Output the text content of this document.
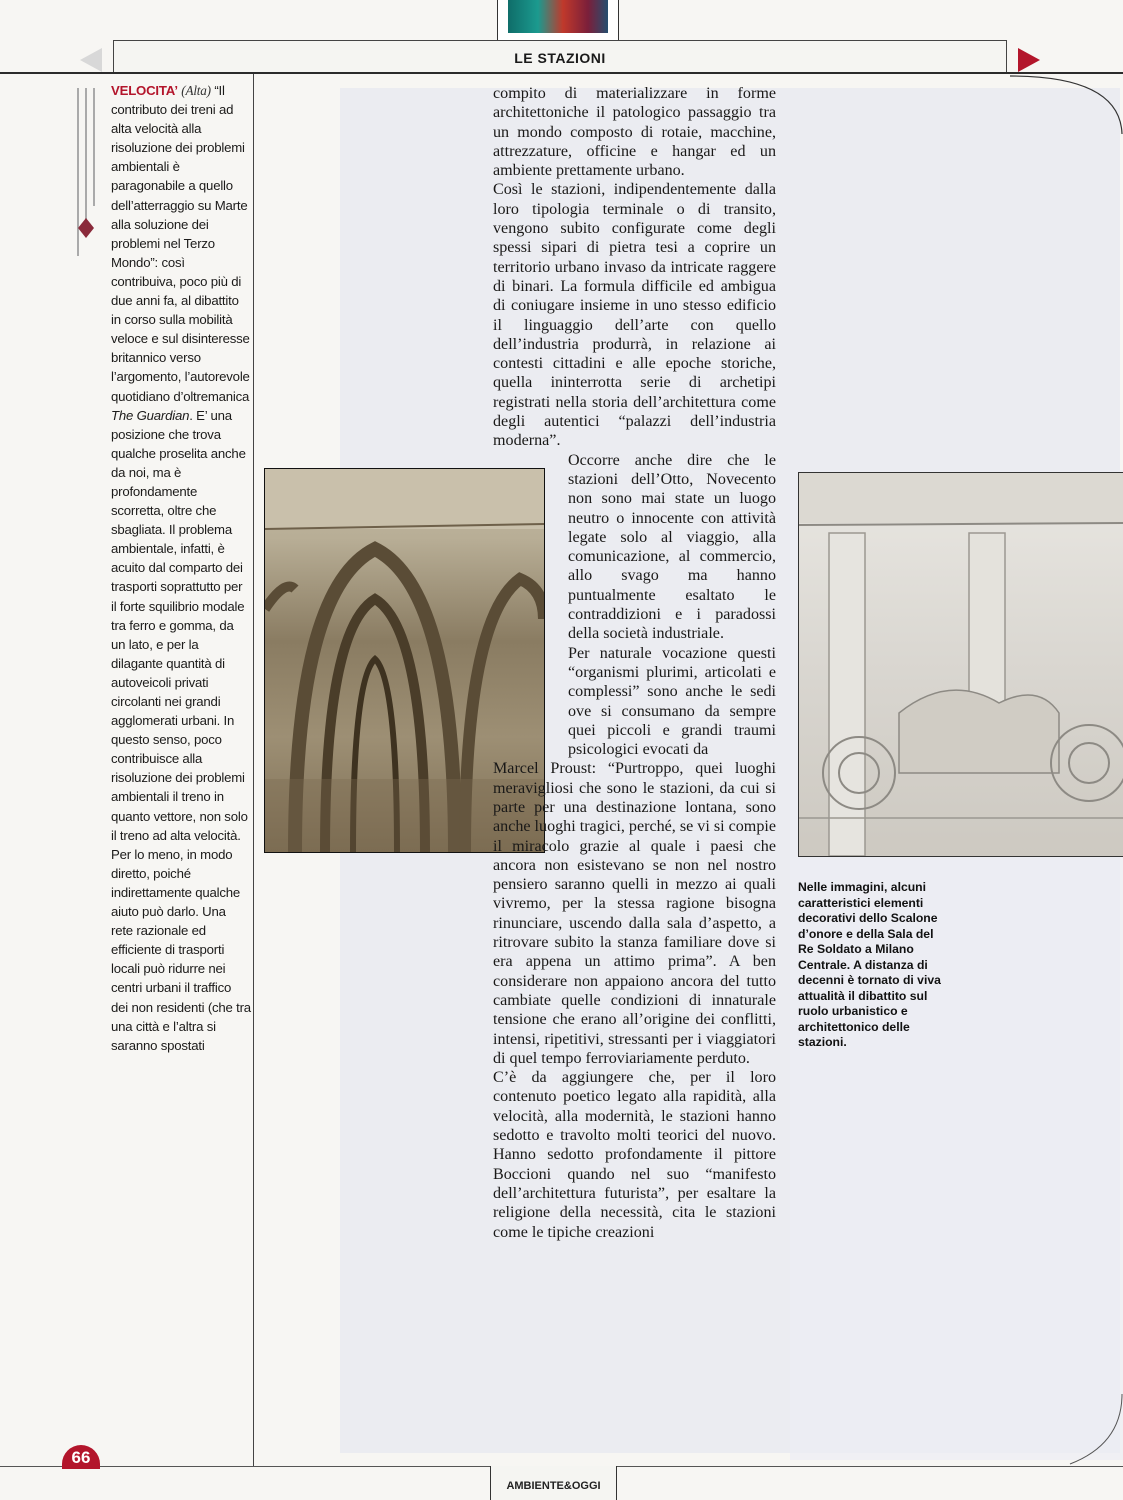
LE STAZIONI
VELOCITA’ (Alta) “Il contributo dei treni ad alta velocità alla risoluzione dei problemi ambientali è paragonabile a quello dell’atterraggio su Marte alla soluzione dei problemi nel Terzo Mondo”: così contribuiva, poco più di due anni fa, al dibattito in corso sulla mobilità veloce e sul disinteresse britannico verso l’argomento, l’autorevole quotidiano d’oltremanica The Guardian. E’ una posizione che trova qualche proselita anche da noi, ma è profondamente scorretta, oltre che sbagliata. Il problema ambientale, infatti, è acuito dal comparto dei trasporti soprattutto per il forte squilibrio modale tra ferro e gomma, da un lato, e per la dilagante quantità di autoveicoli privati circolanti nei grandi agglomerati urbani. In questo senso, poco contribuisce alla risoluzione dei problemi ambientali il treno in quanto vettore, non solo il treno ad alta velocità. Per lo meno, in modo diretto, poiché indirettamente qualche aiuto può darlo. Una rete razionale ed efficiente di trasporti locali può ridurre nei centri urbani il traffico dei non residenti (che tra una città e l’altra si saranno spostati

compito di materializzare in forme architettoniche il patologico passaggio tra un mondo composto di rotaie, macchine, attrezzature, officine e hangar ed un ambiente prettamente urbano.

Così le stazioni, indipendentemente dalla loro tipologia terminale o di transito, vengono subito configurate come degli spessi sipari di pietra tesi a coprire un territorio urbano invaso da intricate raggere di binari. La formula difficile ed ambigua di coniugare insieme in uno stesso edificio il linguaggio dell’arte con quello dell’industria produrrà, in relazione ai contesti cittadini e alle epoche storiche, quella ininterrotta serie di archetipi registrati nella storia dell’architettura come degli autentici “palazzi dell’industria moderna”.

Occorre anche dire che le stazioni dell’Otto, Novecento non sono mai state un luogo neutro o innocente con attività legate solo al viaggio, alla comunicazione, al commercio, allo svago ma hanno puntualmente esaltato le contraddizioni e i paradossi della società industriale.

Per naturale vocazione questi “organismi plurimi, articolati e complessi” sono anche le sedi ove si consumano da sempre quei piccoli e grandi traumi psicologici evocati da

Marcel Proust: “Purtroppo, quei luoghi meravigliosi che sono le stazioni, da cui si parte per una destinazione lontana, sono anche luoghi tragici, perché, se vi si compie il miracolo grazie al quale i paesi che ancora non esistevano se non nel nostro pensiero saranno quelli in mezzo ai quali vivremo, per la stessa ragione bisogna rinunciare, uscendo dalla sala d’aspetto, a ritrovare subito la stanza familiare dove si era appena un attimo prima”. A ben considerare non appaiono ancora del tutto cambiate quelle condizioni di innaturale tensione che erano all’origine dei conflitti, intensi, ripetitivi, stressanti per i viaggiatori di quel tempo ferroviariamente perduto.

C’è da aggiungere che, per il loro contenuto poetico legato alla rapidità, alla velocità, alla modernità, le stazioni hanno sedotto e travolto molti teorici del nuovo. Hanno sedotto profondamente il pittore Boccioni quando nel suo “manifesto dell’architettura futurista”, per esaltare la religione della necessità, cita le stazioni come le tipiche creazioni

Nelle immagini, alcuni caratteristici elementi decorativi dello Scalone d’onore e della Sala del Re Soldato a Milano Centrale. A distanza di decenni è tornato di viva attualità il dibattito sul ruolo urbanistico e architettonico delle stazioni.
AMBIENTE&OGGI
66
